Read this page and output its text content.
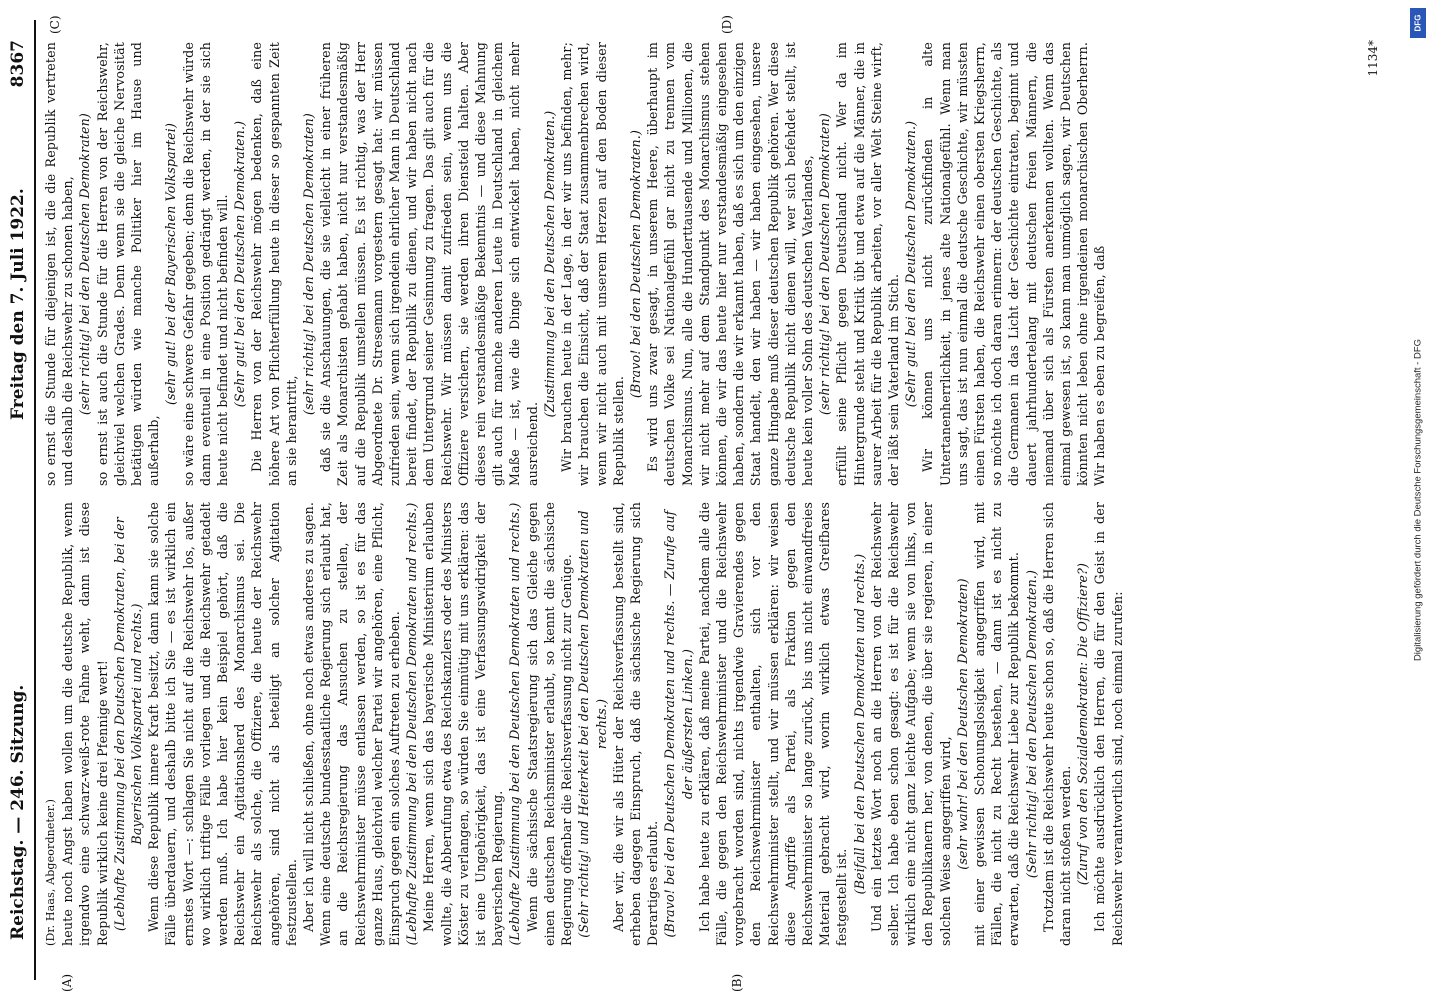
Reichstag. — 246. Sitzung.
Freitag den 7. Juli 1922.
8367
(A)	(B)
(C)	(D)

(Dr. Haas, Abgeordneter.) heute noch Angst haben wollen um die deutsche Republik, wenn irgendwo eine schwarz-weiß-rote Fahne weht, dann ist diese Republik wirklich keine drei Pfennige wert! (Lebhafte Zustimmung bei den Deutschen Demokraten, bei der Bayerischen Volkspartei und rechts.) Wenn diese Republik innere Kraft besitzt, dann kann sie solche Fälle überdauern, und deshalb bitte ich Sie — es ist wirklich ein ernstes Wort —: schlagen Sie nicht auf die Reichswehr los, außer wo wirklich triftige Fälle vorliegen und die Reichswehr getadelt werden muß. Ich habe hier kein Beispiel gehört, daß die Reichswehr ein Agitationsherd des Monarchismus sei. Die Reichswehr als solche, die Offiziere, die heute der Reichswehr angehören, sind nicht als beteiligt an solcher Agitation festzustellen. Aber ich will nicht schließen, ohne noch etwas anderes zu sagen. Wenn eine deutsche bundesstaatliche Regierung sich erlaubt hat, an die Reichsregierung das Ansuchen zu stellen, der Reichswehrminister müsse entlassen werden, so ist es für das ganze Haus, gleichviel welcher Partei wir angehören, eine Pflicht, Einspruch gegen ein solches Auftreten zu erheben. (Lebhafte Zustimmung bei den Deutschen Demokraten und rechts.) Meine Herren, wenn sich das bayerische Ministerium erlauben wollte, die Abberufung etwa des Reichskanzlers oder des Ministers Köster zu verlangen, so würden Sie einmütig mit uns erklären: das ist eine Ungehörigkeit, das ist eine Verfassungswidrigkeit der bayerischen Regierung. (Lebhafte Zustimmung bei den Deutschen Demokraten und rechts.) Wenn die sächsische Staatsregierung sich das Gleiche gegen einen deutschen Reichsminister erlaubt, so kennt die sächsische Regierung offenbar die Reichsverfassung nicht zur Genüge. (Sehr richtig! und Heiterkeit bei den Deutschen Demokraten und rechts.) Aber wir, die wir als Hüter der Reichsverfassung bestellt sind, erheben dagegen Einspruch, daß die sächsische Regierung sich Derartiges erlaubt. (Bravo! bei den Deutschen Demokraten und rechts. — Zurufe auf der äußersten Linken.) Ich habe heute zu erklären, daß meine Partei, nachdem alle die Fälle, die gegen den Reichswehrminister und die Reichswehr vorgebracht worden sind, nichts irgendwie Gravierendes gegen den Reichswehrminister enthalten, sich vor den Reichswehrminister stellt, und wir müssen erklären: wir weisen diese Angriffe als Partei, als Fraktion gegen den Reichswehrminister so lange zurück, bis uns nicht einwandfreies Material gebracht wird, worin wirklich etwas Greifbares festgestellt ist.

(Beifall bei den Deutschen Demokraten und rechts.) Und ein letztes Wort noch an die Herren von der Reichswehr selber. Ich habe eben schon gesagt: es ist für die Reichswehr wirklich eine nicht ganz leichte Aufgabe; wenn sie von links, von den Republikanern her, von denen, die über sie regieren, in einer solchen Weise angegriffen wird, (sehr wahr! bei den Deutschen Demokraten) mit einer gewissen Schonungslosigkeit angegriffen wird, mit Fällen, die nicht zu Recht bestehen, — dann ist es nicht zu erwarten, daß die Reichswehr Liebe zur Republik bekommt. (Sehr richtig! bei den Deutschen Demokraten.) Trotzdem ist die Reichswehr heute schon so, daß die Herren sich daran nicht stoßen werden. (Zuruf von den Sozialdemokraten: Die Offiziere?) Ich möchte ausdrücklich den Herren, die für den Geist in der Reichswehr verantwortlich sind, noch einmal zurufen:

so ernst die Stunde für diejenigen ist, die die Republik vertreten und deshalb die Reichswehr zu schonen haben, (sehr richtig! bei den Deutschen Demokraten) so ernst ist auch die Stunde für die Herren von der Reichswehr, gleichviel welchen Grades. Denn wenn sie die gleiche Nervosität betätigen würden wie manche Politiker hier im Hause und außerhalb,

(sehr gut! bei der Bayerischen Volkspartei) so wäre eine schwere Gefahr gegeben; denn die Reichswehr würde dann eventuell in eine Position gedrängt werden, in der sie sich heute nicht befindet und nicht befinden will. (Sehr gut! bei den Deutschen Demokraten.) Die Herren von der Reichswehr mögen bedenken, daß eine höhere Art von Pflichterfüllung heute in dieser so gespannten Zeit an sie herantritt,

(sehr richtig! bei den Deutschen Demokraten) daß sie die Anschauungen, die sie vielleicht in einer früheren Zeit als Monarchisten gehabt haben, nicht nur verstandesmäßig auf die Republik umstellen müssen. Es ist richtig, was der Herr Abgeordnete Dr. Stresemann vorgestern gesagt hat: wir müssen zufrieden sein, wenn sich irgendein ehrlicher Mann in Deutschland bereit findet, der Republik zu dienen, und wir haben nicht nach dem Untergrund seiner Gesinnung zu fragen. Das gilt auch für die Reichswehr. Wir müssen damit zufrieden sein, wenn uns die Offiziere versichern, sie werden ihren Diensteid halten. Aber dieses rein verstandesmäßige Bekenntnis — und diese Mahnung gilt auch für manche anderen Leute in Deutschland in gleichem Maße — ist, wie die Dinge sich entwickelt haben, nicht mehr ausreichend.

(Zustimmung bei den Deutschen Demokraten.) Wir brauchen heute in der Lage, in der wir uns befinden, mehr; wir brauchen die Einsicht, daß der Staat zusammenbrechen wird, wenn wir nicht auch mit unserem Herzen auf den Boden dieser Republik stellen.

(Bravo! bei den Deutschen Demokraten.) Es wird uns zwar gesagt, in unserem Heere, überhaupt im deutschen Volke sei Nationalgefühl gar nicht zu trennen vom Monarchismus. Nun, alle die Hunderttausende und Millionen, die wir nicht mehr auf dem Standpunkt des Monarchismus stehen können, die wir das heute hier nur verstandesmäßig eingesehen haben, sondern die wir erkannt haben, daß es sich um den einzigen Staat handelt, den wir haben — wir haben eingesehen, unsere ganze Hingabe muß dieser deutschen Republik gehören. Wer diese deutsche Republik nicht dienen will, wer sich befehdet stellt, ist heute kein voller Sohn des deutschen Vaterlandes, (sehr richtig! bei den Deutschen Demokraten) erfüllt seine Pflicht gegen Deutschland nicht. Wer da im Hintergrunde steht und Kritik übt und etwa auf die Männer, die in saurer Arbeit für die Republik arbeiten, vor aller Welt Steine wirft, der läßt sein Vaterland im Stich. (Sehr gut! bei den Deutschen Demokraten.) Wir können uns nicht zurückfinden in alte Untertanenherrlichkeit, in jenes alte Nationalgefühl. Wenn man uns sagt, das ist nun einmal die deutsche Geschichte, wir müssten einen Fürsten haben, die Reichswehr einen obersten Kriegsherrn, so möchte ich doch daran erinnern: der deutschen Geschichte, als die Germanen in das Licht der Geschichte eintraten, beginnt und dauert jahrhundertelang mit deutschen freien Männern, die niemand über sich als Fürsten anerkennen wollten. Wenn das einmal gewesen ist, so kann man unmöglich sagen, wir Deutschen könnten nicht leben ohne irgendeinen monarchischen Oberherrn. Wir haben es eben zu begreifen, daß

1134*
DFG
Digitalisierung gefördert durch die Deutsche Forschungsgemeinschaft - DFG
